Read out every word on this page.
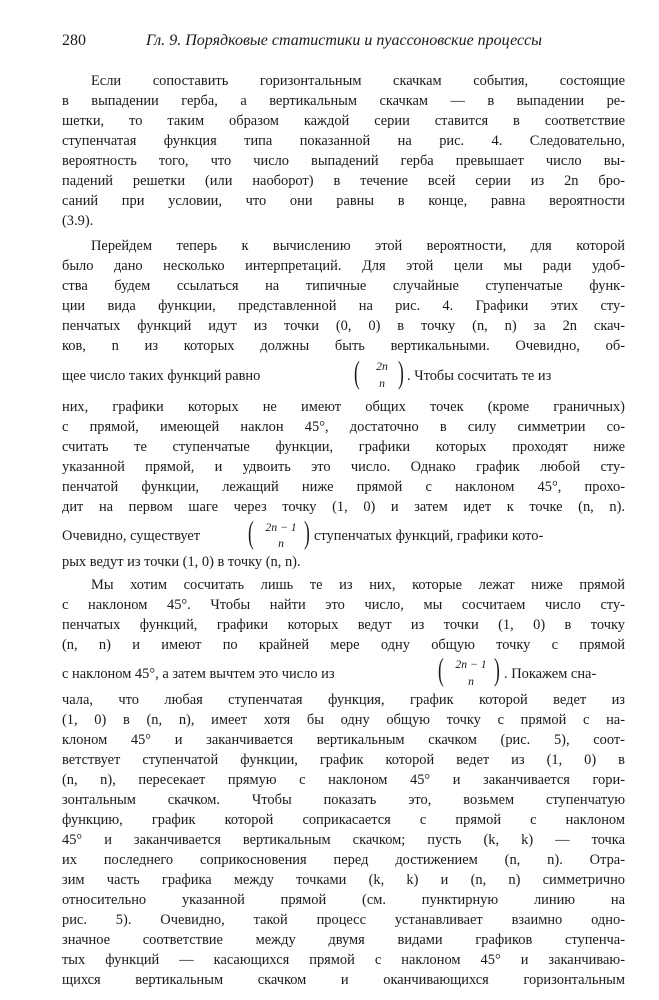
280	Гл. 9. Порядковые статистики и пуассоновские процессы
Если сопоставить горизонтальным скачкам события, состоящие
в выпадении герба, а вертикальным скачкам — в выпадении ре-
шетки, то таким образом каждой серии ставится в соответствие
ступенчатая функция типа показанной на рис. 4. Следовательно,
вероятность того, что число выпадений герба превышает число вы-
падений решетки (или наоборот) в течение всей серии из 2n бро-
саний при условии, что они равны в конце, равна вероятности
(3.9).
Перейдем теперь к вычислению этой вероятности, для которой
было дано несколько интерпретаций. Для этой цели мы ради удоб-
ства будем ссылаться на типичные случайные ступенчатые функ-
ции вида функции, представленной на рис. 4. Графики этих сту-
пенчатых функций идут из точки (0, 0) в точку (n, n) за 2n скач-
ков, n из которых должны быть вертикальными. Очевидно, об-
щее число таких функций равно	(	2n
n ) . Чтобы сосчитать те из
них, графики которых не имеют общих точек (кроме граничных)
с прямой, имеющей наклон 45°, достаточно в силу симметрии со-
считать те ступенчатые функции, графики которых проходят ниже
указанной прямой, и удвоить это число. Однако график любой сту-
пенчатой функции, лежащий ниже прямой с наклоном 45°, прохо-
дит на первом шаге через точку (1, 0) и затем идет к точке (n, n).
Очевидно, существует ( 2n − 1
n ) ступенчатых функций, графики кото-
рых ведут из точки (1, 0) в точку (n, n).
Мы хотим сосчитать лишь те из них, которые лежат ниже прямой
с наклоном 45°. Чтобы найти это число, мы сосчитаем число сту-
пенчатых функций, графики которых ведут из точки (1, 0) в точку
(n, n) и имеют по крайней мере одну общую точку с прямой
с наклоном 45°, а затем вычтем это число из	( 2n − 1
n ) . Покажем сна-
чала, что любая ступенчатая функция, график которой ведет из
(1, 0) в (n, n), имеет хотя бы одну общую точку с прямой с на-
клоном 45° и заканчивается вертикальным скачком (рис. 5), соот-
ветствует ступенчатой функции, график которой ведет из (1, 0) в
(n, n), пересекает прямую с наклоном 45° и заканчивается гори-
зонтальным скачком. Чтобы показать это, возьмем ступенчатую
функцию, график которой соприкасается с прямой с наклоном
45° и заканчивается вертикальным скачком; пусть (k, k) — точка
их последнего соприкосновения перед достижением (n, n). Отра-
зим часть графика между точками (k, k) и (n, n) симметрично
относительно указанной прямой (см. пунктирную линию на
рис. 5). Очевидно, такой процесс устанавливает взаимно одно-
значное соответствие между двумя видами графиков ступенча-
тых функций — касающихся прямой с наклоном 45° и заканчиваю-
щихся вертикальным скачком и оканчивающихся горизонтальным
